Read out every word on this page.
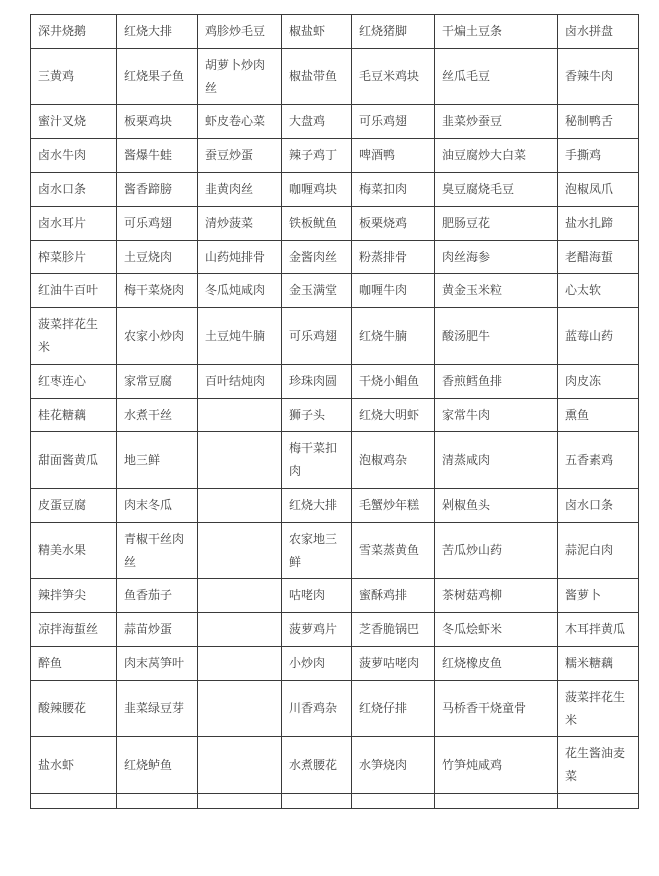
深井烧鹅	红烧大排	鸡胗炒毛豆	椒盐虾	红烧猪脚	干煸土豆条	卤水拼盘
三黄鸡	红烧果子鱼	胡萝卜炒肉丝	椒盐带鱼	毛豆米鸡块	丝瓜毛豆	香辣牛肉
蜜汁叉烧	板栗鸡块	虾皮卷心菜	大盘鸡	可乐鸡翅	韭菜炒蚕豆	秘制鸭舌
卤水牛肉	酱爆牛蛙	蚕豆炒蛋	辣子鸡丁	啤酒鸭	油豆腐炒大白菜	手撕鸡
卤水口条	酱香蹄膀	韭黄肉丝	咖喱鸡块	梅菜扣肉	臭豆腐烧毛豆	泡椒凤爪
卤水耳片	可乐鸡翅	清炒菠菜	铁板鱿鱼	板栗烧鸡	肥肠豆花	盐水扎蹄
榨菜胗片	土豆烧肉	山药炖排骨	金酱肉丝	粉蒸排骨	肉丝海参	老醋海蜇
红油牛百叶	梅干菜烧肉	冬瓜炖咸肉	金玉满堂	咖喱牛肉	黄金玉米粒	心太软
菠菜拌花生米	农家小炒肉	土豆炖牛腩	可乐鸡翅	红烧牛腩	酸汤肥牛	蓝莓山药
红枣连心	家常豆腐	百叶结炖肉	珍珠肉圆	干烧小鲳鱼	香煎鳕鱼排	肉皮冻
桂花糖藕	水煮干丝		狮子头	红烧大明虾	家常牛肉	熏鱼
甜面酱黄瓜	地三鲜		梅干菜扣肉	泡椒鸡杂	清蒸咸肉	五香素鸡
皮蛋豆腐	肉末冬瓜		红烧大排	毛蟹炒年糕	剁椒鱼头	卤水口条
精美水果	青椒干丝肉丝		农家地三鲜	雪菜蒸黄鱼	苦瓜炒山药	蒜泥白肉
辣拌笋尖	鱼香茄子		咕咾肉	蜜酥鸡排	茶树菇鸡柳	酱萝卜
凉拌海蜇丝	蒜苗炒蛋		菠萝鸡片	芝香脆锅巴	冬瓜烩虾米	木耳拌黄瓜
醉鱼	肉末莴笋叶		小炒肉	菠萝咕咾肉	红烧橡皮鱼	糯米糖藕
酸辣腰花	韭菜绿豆芽		川香鸡杂	红烧仔排	马桥香干烧童骨	菠菜拌花生米
盐水虾	红烧鲈鱼		水煮腰花	水笋烧肉	竹笋炖咸鸡	花生酱油麦菜
